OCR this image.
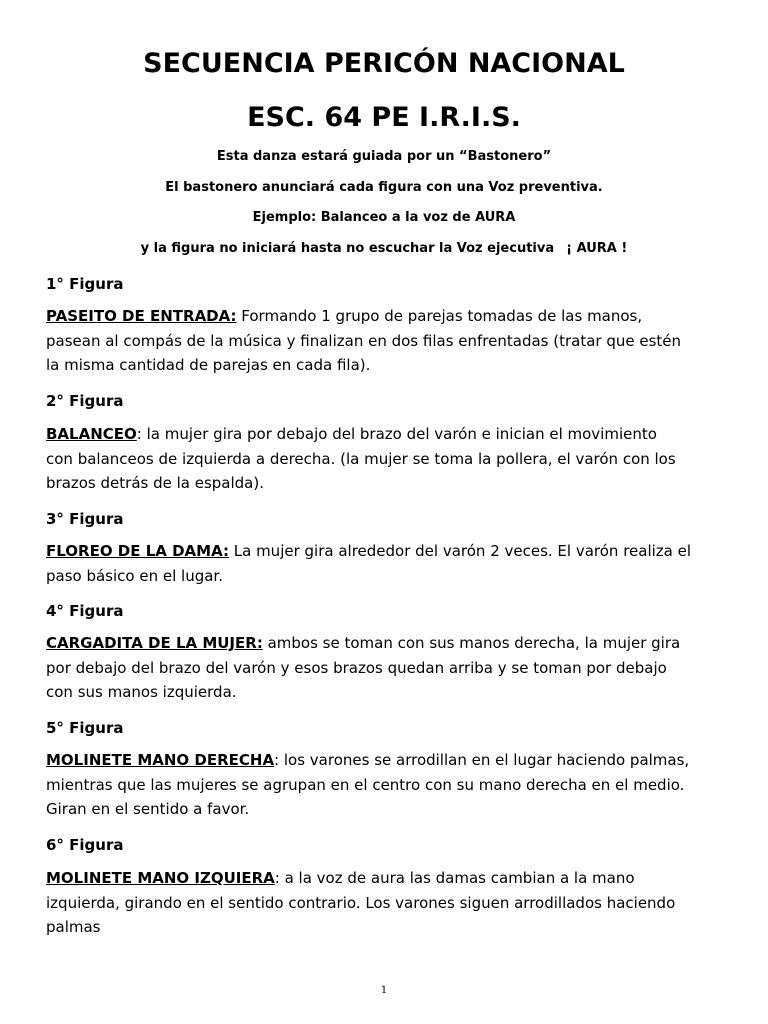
SECUENCIA PERICÓN NACIONAL
ESC. 64 PE I.R.I.S.

Esta danza estará guiada por un “Bastonero”

El bastonero anunciará cada figura con una Voz preventiva.

Ejemplo: Balanceo a la voz de AURA

y la figura no iniciará hasta no escuchar la Voz ejecutiva ¡ AURA !

1° Figura
PASEITO DE ENTRADA: Formando 1 grupo de parejas tomadas de las manos,
pasean al compás de la música y finalizan en dos filas enfrentadas (tratar que estén
la misma cantidad de parejas en cada fila).
2° Figura
BALANCEO: la mujer gira por debajo del brazo del varón e inician el movimiento
con balanceos de izquierda a derecha. (la mujer se toma la pollera, el varón con los
brazos detrás de la espalda).
3° Figura
FLOREO DE LA DAMA: La mujer gira alrededor del varón 2 veces. El varón realiza el
paso básico en el lugar.
4° Figura
CARGADITA DE LA MUJER: ambos se toman con sus manos derecha, la mujer gira
por debajo del brazo del varón y esos brazos quedan arriba y se toman por debajo
con sus manos izquierda.
5° Figura
MOLINETE MANO DERECHA: los varones se arrodillan en el lugar haciendo palmas,
mientras que las mujeres se agrupan en el centro con su mano derecha en el medio.
Giran en el sentido a favor.
6° Figura
MOLINETE MANO IZQUIERA: a la voz de aura las damas cambian a la mano
izquierda, girando en el sentido contrario. Los varones siguen arrodillados haciendo
palmas
1
